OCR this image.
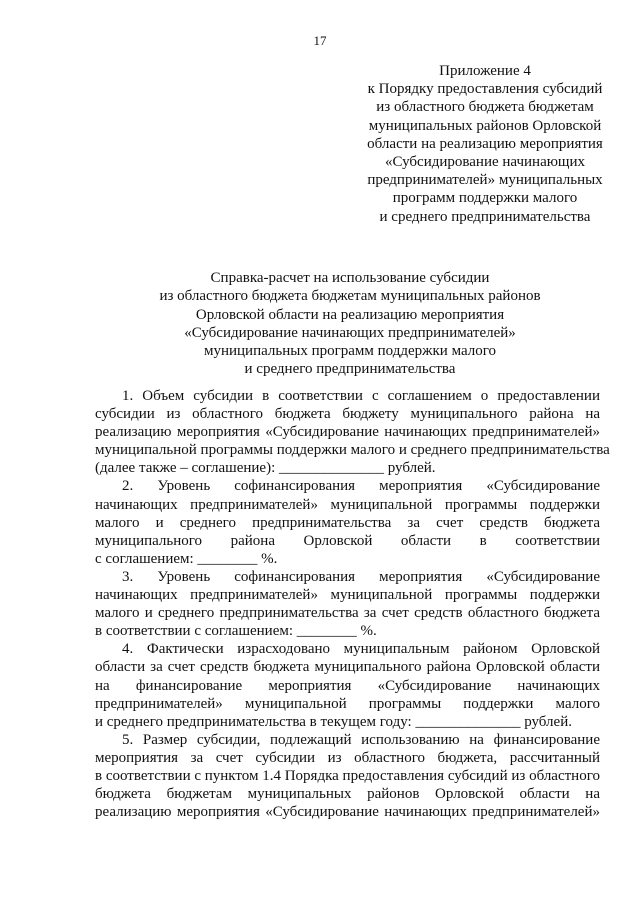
17
Приложение 4
к Порядку предоставления субсидий
из областного бюджета бюджетам
муниципальных районов Орловской
области на реализацию мероприятия
«Субсидирование начинающих
предпринимателей» муниципальных
программ поддержки малого
и среднего предпринимательства
Справка-расчет на использование субсидии
из областного бюджета бюджетам муниципальных районов
Орловской области на реализацию мероприятия
«Субсидирование начинающих предпринимателей»
муниципальных программ поддержки малого
и среднего предпринимательства
1. Объем субсидии в соответствии с соглашением о предоставлении
субсидии из областного бюджета бюджету муниципального района на
реализацию мероприятия «Субсидирование начинающих предпринимателей»
муниципальной программы поддержки малого и среднего предпринимательства
(далее также – соглашение): ______________ рублей.
2. Уровень софинансирования мероприятия «Субсидирование
начинающих предпринимателей» муниципальной программы поддержки
малого и среднего предпринимательства за счет средств бюджета
муниципального района Орловской области в соответствии
с соглашением: ________ %.
3. Уровень софинансирования мероприятия «Субсидирование
начинающих предпринимателей» муниципальной программы поддержки
малого и среднего предпринимательства за счет средств областного бюджета
в соответствии с соглашением: ________ %.
4. Фактически израсходовано муниципальным районом Орловской
области за счет средств бюджета муниципального района Орловской области
на финансирование мероприятия «Субсидирование начинающих
предпринимателей» муниципальной программы поддержки малого
и среднего предпринимательства в текущем году: ______________ рублей.
5. Размер субсидии, подлежащий использованию на финансирование
мероприятия за счет субсидии из областного бюджета, рассчитанный
в соответствии с пунктом 1.4 Порядка предоставления субсидий из областного
бюджета бюджетам муниципальных районов Орловской области на
реализацию мероприятия «Субсидирование начинающих предпринимателей»
